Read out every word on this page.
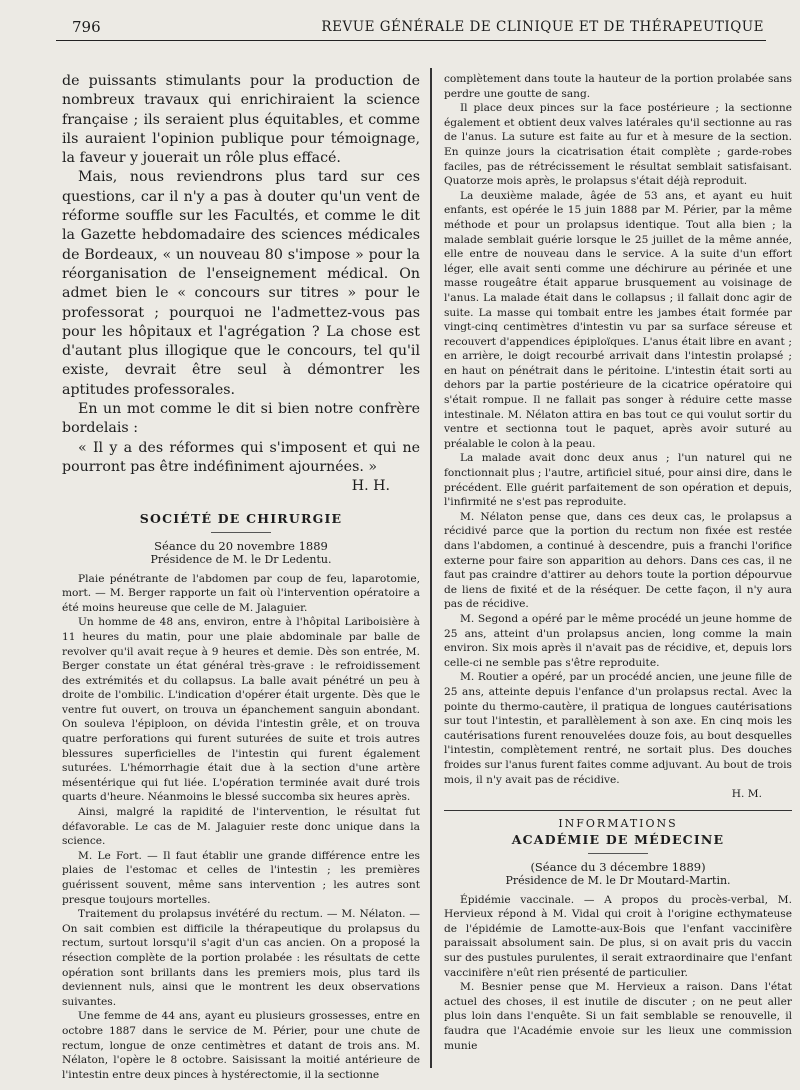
796	REVUE GÉNÉRALE DE CLINIQUE ET DE THÉRAPEUTIQUE

de puissants stimulants pour la production de nombreux travaux qui enrichiraient la science française ; ils seraient plus équitables, et comme ils auraient l'opinion publique pour témoignage, la faveur y jouerait un rôle plus effacé.

Mais, nous reviendrons plus tard sur ces questions, car il n'y a pas à douter qu'un vent de réforme souffle sur les Facultés, et comme le dit la Gazette hebdomadaire des sciences médicales de Bordeaux, « un nouveau 80 s'impose » pour la réorganisation de l'enseignement médical. On admet bien le « concours sur titres » pour le professorat ; pourquoi ne l'admettez-vous pas pour les hôpitaux et l'agrégation ? La chose est d'autant plus illogique que le concours, tel qu'il existe, devrait être seul à démontrer les aptitudes professorales.

En un mot comme le dit si bien notre confrère bordelais :

« Il y a des réformes qui s'imposent et qui ne pourront pas être indéfiniment ajournées. »

H. H.

SOCIÉTÉ DE CHIRURGIE
Séance du 20 novembre 1889
Présidence de M. le Dr Ledentu.

Plaie pénétrante de l'abdomen par coup de feu, laparotomie, mort. — M. Berger rapporte un fait où l'intervention opératoire a été moins heureuse que celle de M. Jalaguier.

Un homme de 48 ans, environ, entre à l'hôpital Lariboisière à 11 heures du matin, pour une plaie abdominale par balle de revolver qu'il avait reçue à 9 heures et demie. Dès son entrée, M. Berger constate un état général très-grave : le refroidissement des extrémités et du collapsus. La balle avait pénétré un peu à droite de l'ombilic. L'indication d'opérer était urgente. Dès que le ventre fut ouvert, on trouva un épanchement sanguin abondant. On souleva l'épiploon, on dévida l'intestin grêle, et on trouva quatre perforations qui furent suturées de suite et trois autres blessures superficielles de l'intestin qui furent également suturées. L'hémorrhagie était due à la section d'une artère mésentérique qui fut liée. L'opération terminée avait duré trois quarts d'heure. Néanmoins le blessé succomba six heures après.

Ainsi, malgré la rapidité de l'intervention, le résultat fut défavorable. Le cas de M. Jalaguier reste donc unique dans la science.

M. Le Fort. — Il faut établir une grande différence entre les plaies de l'estomac et celles de l'intestin ; les premières guérissent souvent, même sans intervention ; les autres sont presque toujours mortelles.

Traitement du prolapsus invétéré du rectum. — M. Nélaton. — On sait combien est difficile la thérapeutique du prolapsus du rectum, surtout lorsqu'il s'agit d'un cas ancien. On a proposé la résection complète de la portion prolabée : les résultats de cette opération sont brillants dans les premiers mois, plus tard ils deviennent nuls, ainsi que le montrent les deux observations suivantes.

Une femme de 44 ans, ayant eu plusieurs grossesses, entre en octobre 1887 dans le service de M. Périer, pour une chute de rectum, longue de onze centimètres et datant de trois ans. M. Nélaton, l'opère le 8 octobre. Saisissant la moitié antérieure de l'intestin entre deux pinces à hystérectomie, il la sectionne

complètement dans toute la hauteur de la portion prolabée sans perdre une goutte de sang.

Il place deux pinces sur la face postérieure ; la sectionne également et obtient deux valves latérales qu'il sectionne au ras de l'anus. La suture est faite au fur et à mesure de la section. En quinze jours la cicatrisation était complète ; garde-robes faciles, pas de rétrécissement le résultat semblait satisfaisant. Quatorze mois après, le prolapsus s'était déjà reproduit.

La deuxième malade, âgée de 53 ans, et ayant eu huit enfants, est opérée le 15 juin 1888 par M. Périer, par la même méthode et pour un prolapsus identique. Tout alla bien ; la malade semblait guérie lorsque le 25 juillet de la même année, elle entre de nouveau dans le service. A la suite d'un effort léger, elle avait senti comme une déchirure au périnée et une masse rougeâtre était apparue brusquement au voisinage de l'anus. La malade était dans le collapsus ; il fallait donc agir de suite. La masse qui tombait entre les jambes était formée par vingt-cinq centimètres d'intestin vu par sa surface séreuse et recouvert d'appendices épiploïques. L'anus était libre en avant ; en arrière, le doigt recourbé arrivait dans l'intestin prolapsé ; en haut on pénétrait dans le péritoine. L'intestin était sorti au dehors par la partie postérieure de la cicatrice opératoire qui s'était rompue. Il ne fallait pas songer à réduire cette masse intestinale. M. Nélaton attira en bas tout ce qui voulut sortir du ventre et sectionna tout le paquet, après avoir suturé au préalable le colon à la peau.

La malade avait donc deux anus ; l'un naturel qui ne fonctionnait plus ; l'autre, artificiel situé, pour ainsi dire, dans le précédent. Elle guérit parfaitement de son opération et depuis, l'infirmité ne s'est pas reproduite.

M. Nélaton pense que, dans ces deux cas, le prolapsus a récidivé parce que la portion du rectum non fixée est restée dans l'abdomen, a continué à descendre, puis a franchi l'orifice externe pour faire son apparition au dehors. Dans ces cas, il ne faut pas craindre d'attirer au dehors toute la portion dépourvue de liens de fixité et de la réséquer. De cette façon, il n'y aura pas de récidive.

M. Segond a opéré par le même procédé un jeune homme de 25 ans, atteint d'un prolapsus ancien, long comme la main environ. Six mois après il n'avait pas de récidive, et, depuis lors celle-ci ne semble pas s'être reproduite.

M. Routier a opéré, par un procédé ancien, une jeune fille de 25 ans, atteinte depuis l'enfance d'un prolapsus rectal. Avec la pointe du thermo-cautère, il pratiqua de longues cautérisations sur tout l'intestin, et parallèlement à son axe. En cinq mois les cautérisations furent renouvelées douze fois, au bout desquelles l'intestin, complètement rentré, ne sortait plus. Des douches froides sur l'anus furent faites comme adjuvant. Au bout de trois mois, il n'y avait pas de récidive.

H. M.

INFORMATIONS
ACADÉMIE DE MÉDECINE
(Séance du 3 décembre 1889)
Présidence de M. le Dr Moutard-Martin.

Épidémie vaccinale. — A propos du procès-verbal, M. Hervieux répond à M. Vidal qui croit à l'origine ecthymateuse de l'épidémie de Lamotte-aux-Bois que l'enfant vaccinifère paraissait absolument sain. De plus, si on avait pris du vaccin sur des pustules purulentes, il serait extraordinaire que l'enfant vaccinifère n'eût rien présenté de particulier.

M. Besnier pense que M. Hervieux a raison. Dans l'état actuel des choses, il est inutile de discuter ; on ne peut aller plus loin dans l'enquête. Si un fait semblable se renouvelle, il faudra que l'Académie envoie sur les lieux une commission munie
